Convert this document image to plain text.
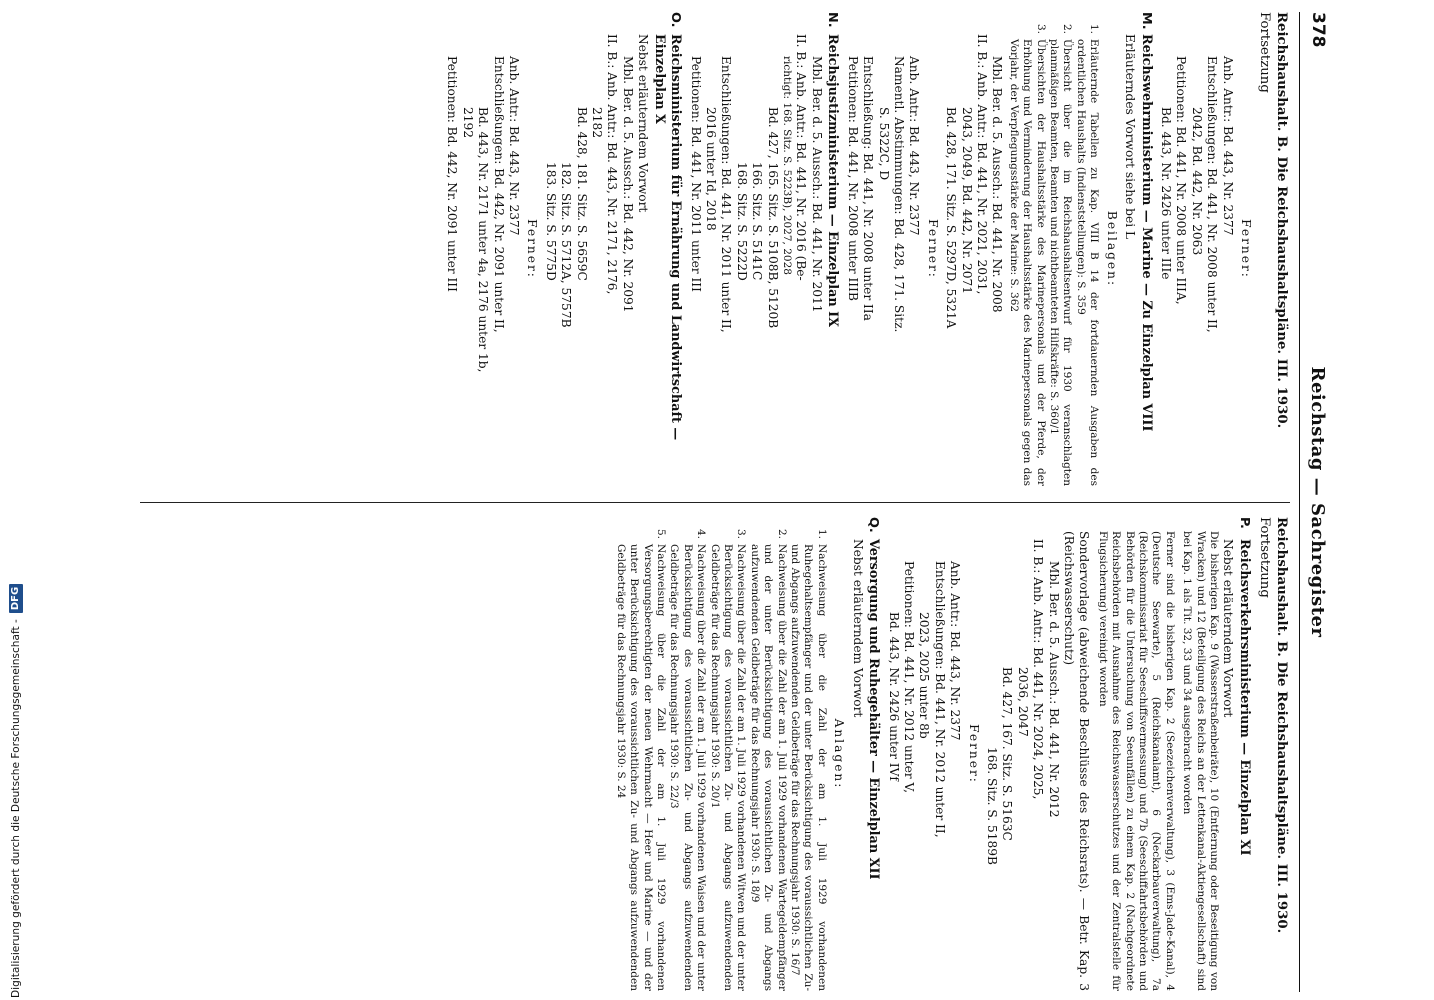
378
Reichstag — Sachregister
Reichshaushalt. B. Die Reichshaushaltspläne. III. 1930.
Fortsetzung
Ferner:
Anb. Antr.: Bd. 443, Nr. 2377
Entschließungen: Bd. 441, Nr. 2008 unter II,
2042, Bd. 442, Nr. 2063
Petitionen: Bd. 441, Nr. 2008 unter IIIA,
Bd. 443, Nr. 2426 unter IIIe
M.
Reichswehrministerium — Marine — Zu Einzelplan VIII
Erläuterndes Vorwort siehe bei L
Beilagen:
1.
Erläuternde Tabellen zu Kap. VIII B 14 der fortdauernden Ausgaben des ordentlichen Haushalts (Indienststellungen): S. 359
2.
Übersicht über die im Reichshaushaltsentwurf für 1930 veranschlagten planmäßigen Beamten, Beamten und nichtbeamteten Hilfskräfte: S. 360/1
3.
Übersichten der Haushaltsstärke des Marinepersonals und der Pferde, der Erhöhung und Verminderung der Haushaltsstärke des Marinepersonals gegen das Vorjahr, der Verpflegungsstärke der Marine: S. 362
Mbl. Ber. d. 5. Aussch.: Bd. 441, Nr. 2008
II. B.: Anb. Antr.: Bd. 441, Nr. 2021, 2031,
2043, 2049, Bd. 442, Nr. 2071
Bd. 428, 171. Sitz. S. 5297D, 5321A
Ferner:
Anb. Antr.: Bd. 443, Nr. 2377
Namentl. Abstimmungen: Bd. 428, 171. Sitz.
S. 5322C, D
Entschließung: Bd. 441, Nr. 2008 unter IIa
Petitionen: Bd. 441, Nr. 2008 unter IIIB
N.
Reichsjustizministerium — Einzelplan IX
Mbl. Ber. d. 5. Aussch.: Bd. 441, Nr. 2011
II. B.: Anb. Antr.: Bd. 441, Nr. 2016 (Be-
richtigt: 168. Sitz. S. 5223B), 2027, 2028
Bd. 427, 165. Sitz. S. 5108B, 5120B
166. Sitz. S. 5141C
168. Sitz. S. 5222D
Entschließungen: Bd. 441, Nr. 2011 unter II,
2016 unter Id, 2018
Petitionen: Bd. 441, Nr. 2011 unter III
O.
Reichsministerium für Ernährung und Landwirtschaft — Einzelplan X
Nebst erläuterndem Vorwort
Mbl. Ber. d. 5. Aussch.: Bd. 442, Nr. 2091
II. B.: Anb. Antr.: Bd. 443, Nr. 2171, 2176,
2182
Bd. 428, 181. Sitz. S. 5659C
182. Sitz. S. 5712A, 5757B
183. Sitz. S. 5775D
Ferner:
Anb. Antr.: Bd. 443, Nr. 2377
Entschließungen: Bd. 442, Nr. 2091 unter II,
Bd. 443, Nr. 2171 unter 4a, 2176 unter 1b,
2192
Petitionen: Bd. 442, Nr. 2091 unter III
Reichshaushalt. B. Die Reichshaushaltspläne. III. 1930.
Fortsetzung
P.
Reichsverkehrsministerium — Einzelplan XI
Nebst erläuterndem Vorwort
Die bisherigen Kap. 9 (Wasserstraßenbeiräte), 10 (Entfernung oder Beseitigung von Wracken) und 12 (Beteiligung des Reichs an der Lettenkanal-Aktiengesellschaft) sind bei Kap. 1 als Tit. 32, 33 und 34 ausgebracht worden
Ferner sind die bisherigen Kap. 2 (Seezeichenverwaltung), 3 (Ems-Jade-Kanal), 4 (Deutsche Seewarte), 5 (Reichskanalamt), 6 (Neckarbauverwaltung), 7a (Reichskommissariat für Seeschiffsvermessung) und 7b (Seeschiffahrtsbehörden und Behörden für die Untersuchung von Seeunfällen) zu einem Kap. 2 (Nachgeordnete Reichsbehörden mit Ausnahme des Reichswasserschutzes und der Zentralstelle für Flugsicherung) vereinigt worden
Sondervorlage (abweichende Beschlüsse des Reichsrats). — Betr. Kap. 3 (Reichswasserschutz)
Mbl. Ber. d. 5. Aussch.: Bd. 441, Nr. 2012
II. B.: Anb. Antr.: Bd. 441, Nr. 2024, 2025,
2036, 2047
Bd. 427, 167. Sitz. S. 5163C
168. Sitz. S. 5189B
Ferner:
Anb. Antr.: Bd. 443, Nr. 2377
Entschließungen: Bd. 441, Nr. 2012 unter II,
2023, 2025 unter 8b
Petitionen: Bd. 441, Nr. 2012 unter V,
Bd. 443, Nr. 2426 unter IVf
Q.
Versorgung und Ruhegehälter — Einzelplan XII
Nebst erläuterndem Vorwort
Anlagen:
1.
Nachweisung über die Zahl der am 1. Juli 1929 vorhandenen Ruhegehaltsempfänger und der unter Berücksichtigung des voraussichtlichen Zu- und Abgangs aufzuwendenden Geldbeträge für das Rechnungsjahr 1930: S. 16/7
2.
Nachweisung über die Zahl der am 1. Juli 1929 vorhandenen Wartegeldempfänger und der unter Berücksichtigung des voraussichtlichen Zu- und Abgangs aufzuwendenden Geldbeträge für das Rechnungsjahr 1930: S. 18/9
3.
Nachweisung über die Zahl der am 1. Juli 1929 vorhandenen Witwen und der unter Berücksichtigung des voraussichtlichen Zu- und Abgangs aufzuwendenden Geldbeträge für das Rechnungsjahr 1930: S. 20/1
4.
Nachweisung über die Zahl der am 1. Juli 1929 vorhandenen Waisen und der unter Berücksichtigung des voraussichtlichen Zu- und Abgangs aufzuwendenden Geldbeträge für das Rechnungsjahr 1930: S. 22/3
5.
Nachweisung über die Zahl der am 1. Juli 1929 vorhandenen Versorgungsberechtigten der neuen Wehrmacht — Heer und Marine — und der unter Berücksichtigung des voraussichtlichen Zu- und Abgangs aufzuwendenden Geldbeträge für das Rechnungsjahr 1930: S. 24
Digitalisierung gefördert durch die Deutsche Forschungsgemeinschaft -
DFG
